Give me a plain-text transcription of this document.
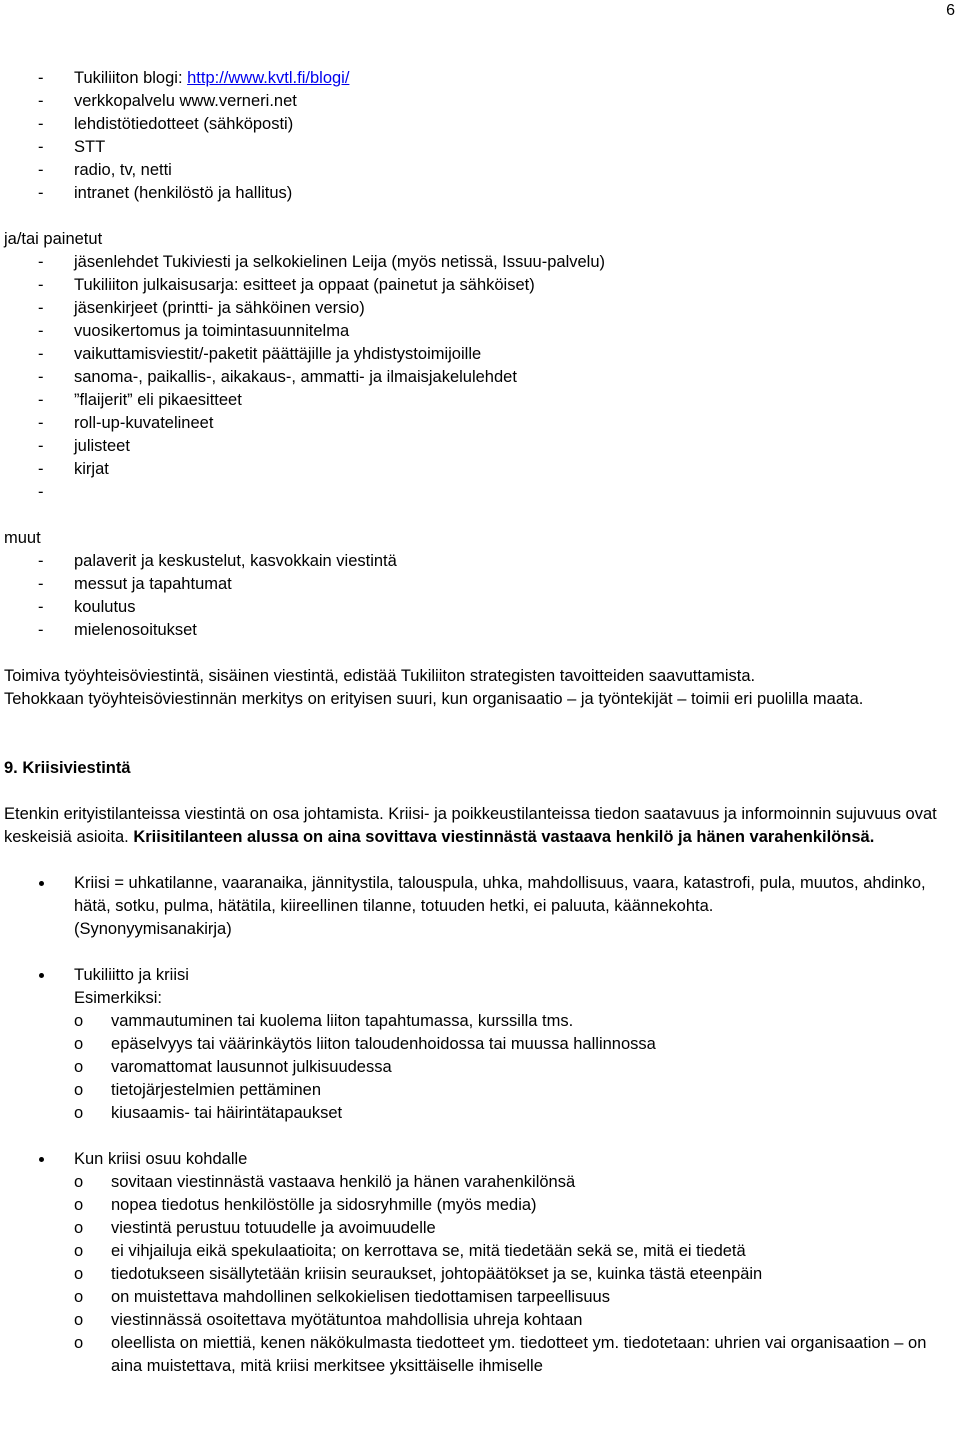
6
- Tukiliiton blogi: http://www.kvtl.fi/blogi/
- verkkopalvelu www.verneri.net
- lehdistötiedotteet (sähköposti)
- STT
- radio, tv, netti
- intranet (henkilöstö ja hallitus)

ja/tai painetut

- jäsenlehdet Tukiviesti ja selkokielinen Leija (myös netissä, Issuu-palvelu)
- Tukiliiton julkaisusarja: esitteet ja oppaat (painetut ja sähköiset)
- jäsenkirjeet (printti- ja sähköinen versio)
- vuosikertomus ja toimintasuunnitelma
- vaikuttamisviestit/-paketit päättäjille ja yhdistystoimijoille
- sanoma-, paikallis-, aikakaus-, ammatti- ja ilmaisjakelulehdet
- ”flaijerit” eli pikaesitteet
- roll-up-kuvatelineet
- julisteet
- kirjat
-

muut

- palaverit ja keskustelut, kasvokkain viestintä
- messut ja tapahtumat
- koulutus
- mielenosoitukset

Toimiva työyhteisöviestintä, sisäinen viestintä, edistää Tukiliiton strategisten tavoitteiden saavuttamista.

Tehokkaan työyhteisöviestinnän merkitys on erityisen suuri, kun organisaatio – ja työntekijät – toimii eri puolilla maata.

9. Kriisiviestintä

Etenkin erityistilanteissa viestintä on osa johtamista. Kriisi- ja poikkeustilanteissa tiedon saatavuus ja informoinnin sujuvuus ovat keskeisiä asioita. Kriisitilanteen alussa on aina sovittava viestinnästä vastaava henkilö ja hänen varahenkilönsä.

Kriisi = uhkatilanne, vaaranaika, jännitystila, talouspula, uhka, mahdollisuus, vaara, katastrofi, pula, muutos, ahdinko, hätä, sotku, pulma, hätätila, kiireellinen tilanne, totuuden hetki, ei paluuta, käännekohta.

(Synonyymisanakirja)

Tukiliitto ja kriisi

Esimerkiksi:

o vammautuminen tai kuolema liiton tapahtumassa, kurssilla tms.
o epäselvyys tai väärinkäytös liiton taloudenhoidossa tai muussa hallinnossa
o varomattomat lausunnot julkisuudessa
o tietojärjestelmien pettäminen
o kiusaamis- tai häirintätapaukset

Kun kriisi osuu kohdalle

o sovitaan viestinnästä vastaava henkilö ja hänen varahenkilönsä
o nopea tiedotus henkilöstölle ja sidosryhmille (myös media)
o viestintä perustuu totuudelle ja avoimuudelle
o ei vihjailuja eikä spekulaatioita; on kerrottava se, mitä tiedetään sekä se, mitä ei tiedetä
o tiedotukseen sisällytetään kriisin seuraukset, johtopäätökset ja se, kuinka tästä eteenpäin
o on muistettava mahdollinen selkokielisen tiedottamisen tarpeellisuus
o viestinnässä osoitettava myötätuntoa mahdollisia uhreja kohtaan
o oleellista on miettiä, kenen näkökulmasta tiedotteet ym. tiedotteet ym. tiedotetaan: uhrien vai organisaation – on aina muistettava, mitä kriisi merkitsee yksittäiselle ihmiselle
